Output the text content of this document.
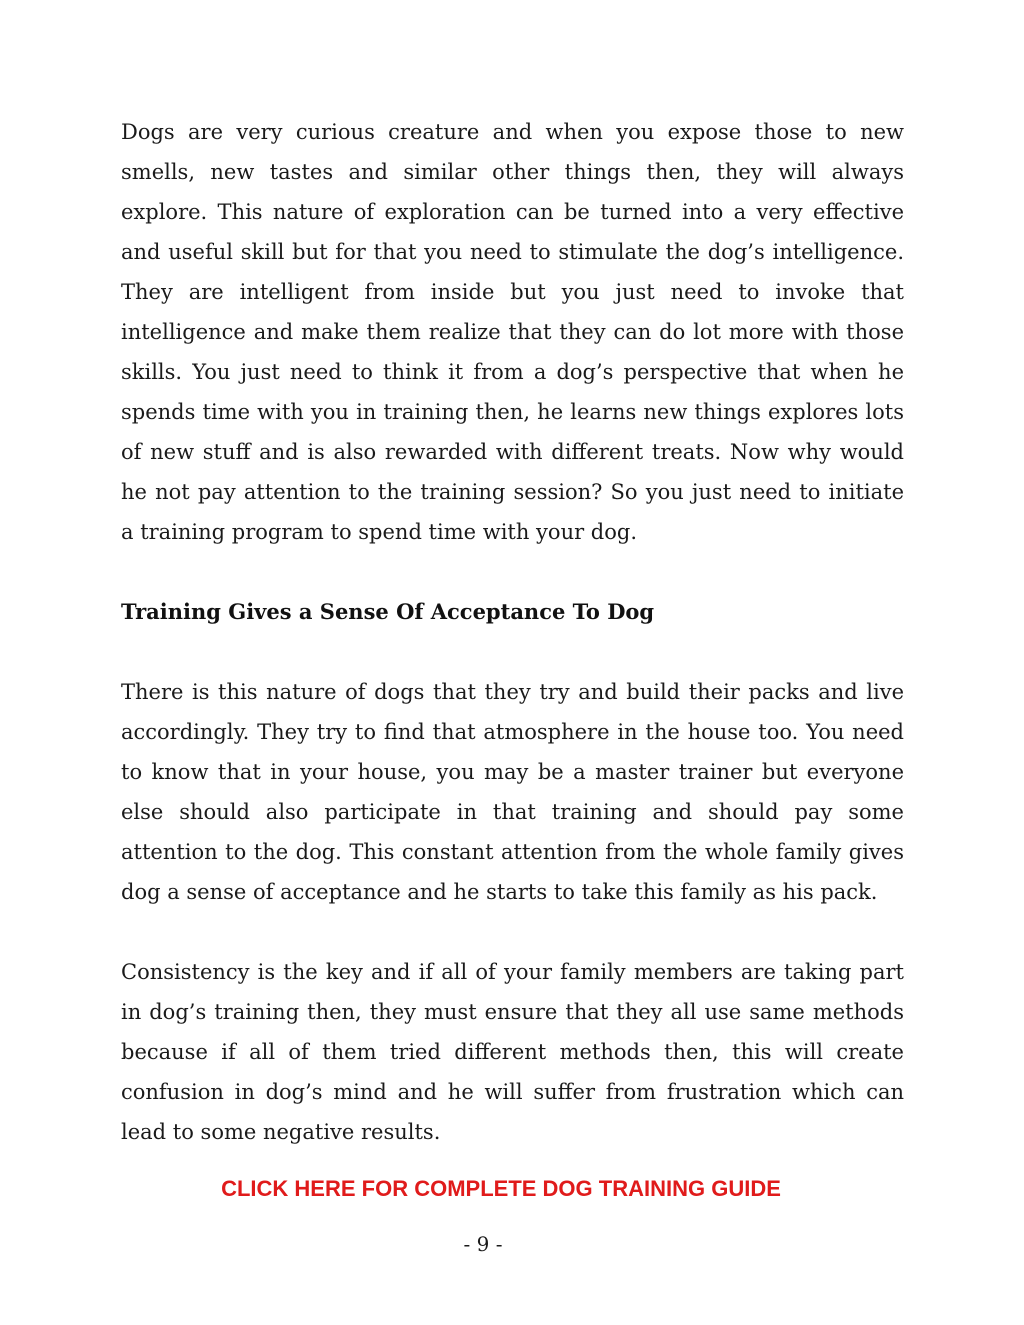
Dogs are very curious creature and when you expose those to new smells, new tastes and similar other things then, they will always explore. This nature of exploration can be turned into a very effective and useful skill but for that you need to stimulate the dog’s intelligence. They are intelligent from inside but you just need to invoke that intelligence and make them realize that they can do lot more with those skills. You just need to think it from a dog’s perspective that when he spends time with you in training then, he learns new things explores lots of new stuff and is also rewarded with different treats. Now why would he not pay attention to the training session? So you just need to initiate a training program to spend time with your dog.

Training Gives a Sense Of Acceptance To Dog

There is this nature of dogs that they try and build their packs and live accordingly. They try to find that atmosphere in the house too. You need to know that in your house, you may be a master trainer but everyone else should also participate in that training and should pay some attention to the dog. This constant attention from the whole family gives dog a sense of acceptance and he starts to take this family as his pack.

Consistency is the key and if all of your family members are taking part in dog’s training then, they must ensure that they all use same methods because if all of them tried different methods then, this will create confusion in dog’s mind and he will suffer from frustration which can lead to some negative results.

CLICK HERE FOR COMPLETE DOG TRAINING GUIDE
- 9 -
